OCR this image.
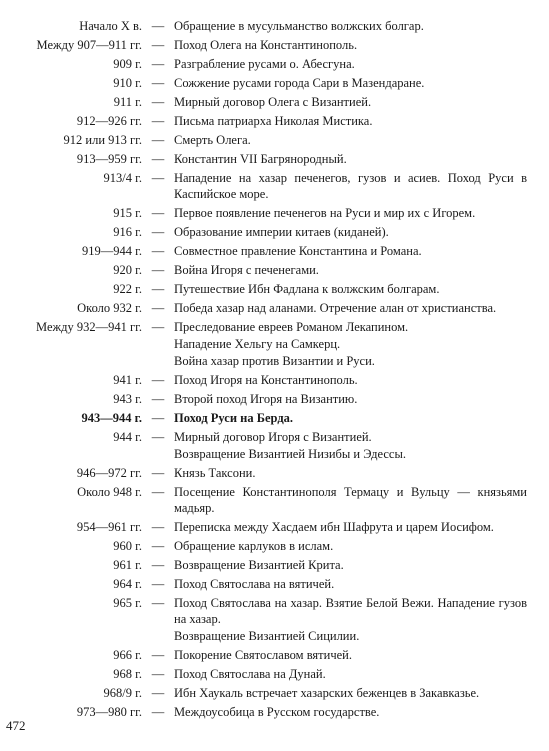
Начало X в. — Обращение в мусульманство волжских болгар.
Между 907—911 гг. — Поход Олега на Константинополь.
909 г. — Разграбление русами о. Абесгуна.
910 г. — Сожжение русами города Сари в Мазендаране.
911 г. — Мирный договор Олега с Византией.
912—926 гг. — Письма патриарха Николая Мистика.
912 или 913 гг. — Смерть Олега.
913—959 гг. — Константин VII Багрянородный.
913/4 г. — Нападение на хазар печенегов, гузов и асиев. Поход Руси в Каспийское море.
915 г. — Первое появление печенегов на Руси и мир их с Игорем.
916 г. — Образование империи китаев (киданей).
919—944 г. — Совместное правление Константина и Романа.
920 г. — Война Игоря с печенегами.
922 г. — Путешествие Ибн Фадлана к волжским болгарам.
Около 932 г. — Победа хазар над аланами. Отречение алан от христианства.
Между 932—941 гг. — Преследование евреев Романом Лекапином.
Нападение Хельгу на Самкерц.
Война хазар против Византии и Руси.
941 г. — Поход Игоря на Константинополь.
943 г. — Второй поход Игоря на Византию.
943—944 г. — Поход Руси на Берда.
944 г. — Мирный договор Игоря с Византией.
Возвращение Византией Низибы и Эдессы.
946—972 гг. — Князь Таксони.
Около 948 г. — Посещение Константинополя Термацу и Вульцу — князьями мадьяр.
954—961 гг. — Переписка между Хасдаем ибн Шафрута и царем Иосифом.
960 г. — Обращение карлуков в ислам.
961 г. — Возвращение Византией Крита.
964 г. — Поход Святослава на вятичей.
965 г. — Поход Святослава на хазар. Взятие Белой Вежи. Нападение гузов на хазар.
Возвращение Византией Сицилии.
966 г. — Покорение Святославом вятичей.
968 г. — Поход Святослава на Дунай.
968/9 г. — Ибн Хаукаль встречает хазарских беженцев в Закавказье.
973—980 гг. — Междоусобица в Русском государстве.
472
